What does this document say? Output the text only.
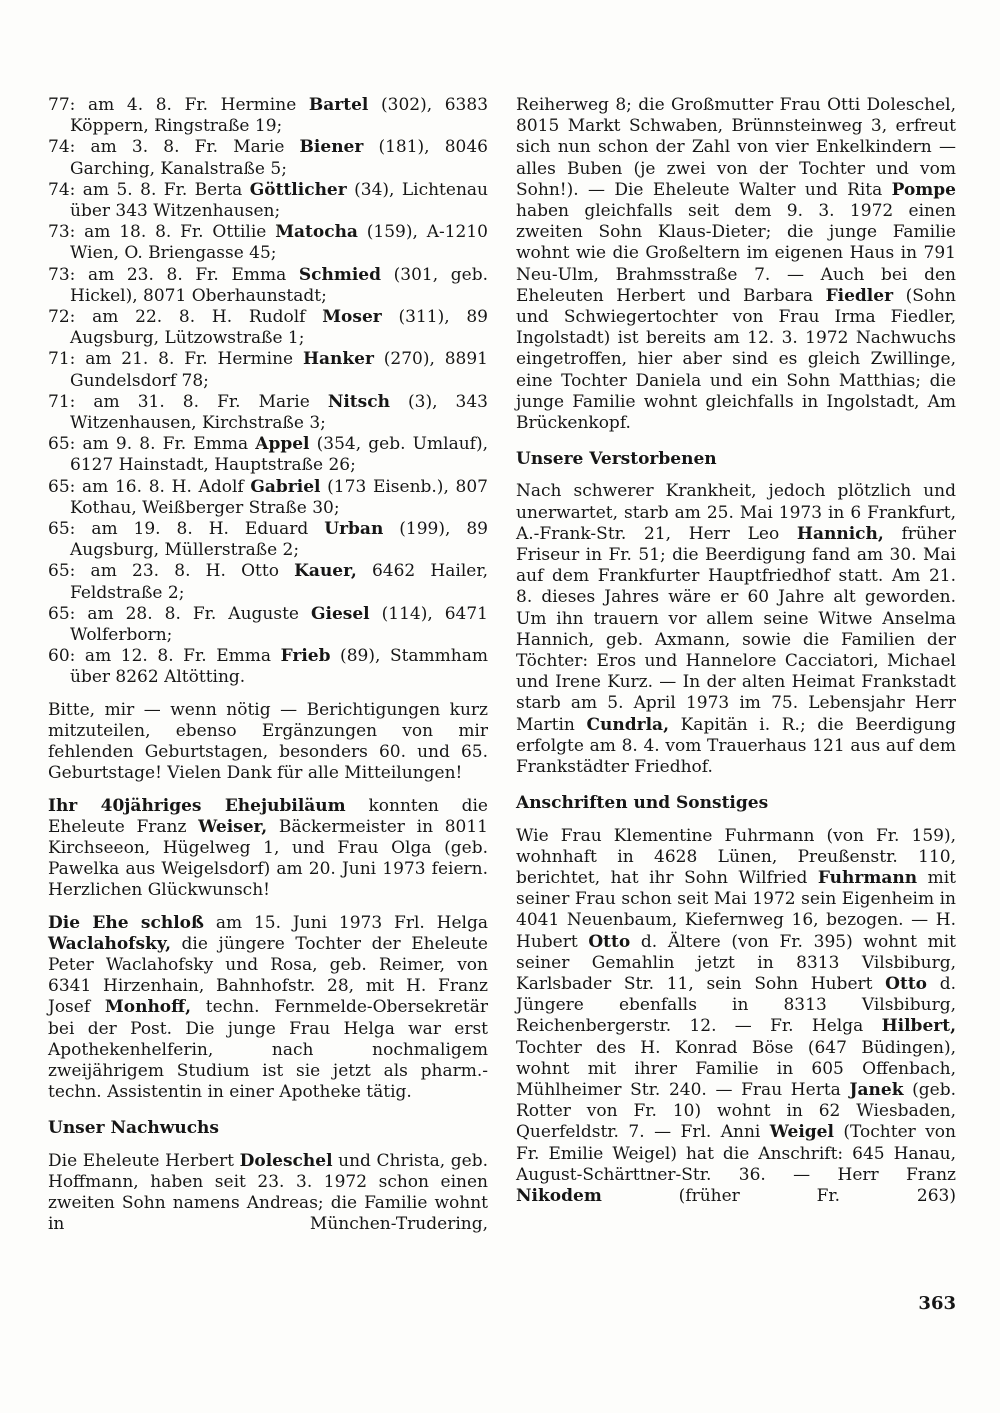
77: am 4. 8. Fr. Hermine Bartel (302), 6383 Köppern, Ringstraße 19;

74: am 3. 8. Fr. Marie Biener (181), 8046 Garching, Kanalstraße 5;

74: am 5. 8. Fr. Berta Göttlicher (34), Lichtenau über 343 Witzenhausen;

73: am 18. 8. Fr. Ottilie Matocha (159), A-1210 Wien, O. Briengasse 45;

73: am 23. 8. Fr. Emma Schmied (301, geb. Hickel), 8071 Oberhaunstadt;

72: am 22. 8. H. Rudolf Moser (311), 89 Augsburg, Lützowstraße 1;

71: am 21. 8. Fr. Hermine Hanker (270), 8891 Gundelsdorf 78;

71: am 31. 8. Fr. Marie Nitsch (3), 343 Witzenhausen, Kirchstraße 3;

65: am 9. 8. Fr. Emma Appel (354, geb. Umlauf), 6127 Hainstadt, Hauptstraße 26;

65: am 16. 8. H. Adolf Gabriel (173 Eisenb.), 807 Kothau, Weißberger Straße 30;

65: am 19. 8. H. Eduard Urban (199), 89 Augsburg, Müllerstraße 2;

65: am 23. 8. H. Otto Kauer, 6462 Hailer, Feldstraße 2;

65: am 28. 8. Fr. Auguste Giesel (114), 6471 Wolferborn;

60: am 12. 8. Fr. Emma Frieb (89), Stammham über 8262 Altötting.

Bitte, mir — wenn nötig — Berichtigungen kurz mitzuteilen, ebenso Ergänzungen von mir fehlenden Geburtstagen, besonders 60. und 65. Geburtstage! Vielen Dank für alle Mitteilungen!

Ihr 40jähriges Ehejubiläum konnten die Eheleute Franz Weiser, Bäckermeister in 8011 Kirchseeon, Hügelweg 1, und Frau Olga (geb. Pawelka aus Weigelsdorf) am 20. Juni 1973 feiern. Herzlichen Glückwunsch!

Die Ehe schloß am 15. Juni 1973 Frl. Helga Waclahofsky, die jüngere Tochter der Eheleute Peter Waclahofsky und Rosa, geb. Reimer, von 6341 Hirzenhain, Bahnhofstr. 28, mit H. Franz Josef Monhoff, techn. Fernmelde-Obersekretär bei der Post. Die junge Frau Helga war erst Apothekenhelferin, nach nochmaligem zweijährigem Studium ist sie jetzt als pharm.-techn. Assistentin in einer Apotheke tätig.

Unser Nachwuchs

Die Eheleute Herbert Doleschel und Christa, geb. Hoffmann, haben seit 23. 3. 1972 schon einen zweiten Sohn namens Andreas; die Familie wohnt in München-Trudering,

Reiherweg 8; die Großmutter Frau Otti Doleschel, 8015 Markt Schwaben, Brünnsteinweg 3, erfreut sich nun schon der Zahl von vier Enkelkindern — alles Buben (je zwei von der Tochter und vom Sohn!). — Die Eheleute Walter und Rita Pompe haben gleichfalls seit dem 9. 3. 1972 einen zweiten Sohn Klaus-Dieter; die junge Familie wohnt wie die Großeltern im eigenen Haus in 791 Neu-Ulm, Brahmsstraße 7. — Auch bei den Eheleuten Herbert und Barbara Fiedler (Sohn und Schwiegertochter von Frau Irma Fiedler, Ingolstadt) ist bereits am 12. 3. 1972 Nachwuchs eingetroffen, hier aber sind es gleich Zwillinge, eine Tochter Daniela und ein Sohn Matthias; die junge Familie wohnt gleichfalls in Ingolstadt, Am Brückenkopf.

Unsere Verstorbenen

Nach schwerer Krankheit, jedoch plötzlich und unerwartet, starb am 25. Mai 1973 in 6 Frankfurt, A.-Frank-Str. 21, Herr Leo Hannich, früher Friseur in Fr. 51; die Beerdigung fand am 30. Mai auf dem Frankfurter Hauptfriedhof statt. Am 21. 8. dieses Jahres wäre er 60 Jahre alt geworden. Um ihn trauern vor allem seine Witwe Anselma Hannich, geb. Axmann, sowie die Familien der Töchter: Eros und Hannelore Cacciatori, Michael und Irene Kurz. — In der alten Heimat Frankstadt starb am 5. April 1973 im 75. Lebensjahr Herr Martin Cundrla, Kapitän i. R.; die Beerdigung erfolgte am 8. 4. vom Trauerhaus 121 aus auf dem Frankstädter Friedhof.

Anschriften und Sonstiges

Wie Frau Klementine Fuhrmann (von Fr. 159), wohnhaft in 4628 Lünen, Preußenstr. 110, berichtet, hat ihr Sohn Wilfried Fuhrmann mit seiner Frau schon seit Mai 1972 sein Eigenheim in 4041 Neuenbaum, Kiefernweg 16, bezogen. — H. Hubert Otto d. Ältere (von Fr. 395) wohnt mit seiner Gemahlin jetzt in 8313 Vilsbiburg, Karlsbader Str. 11, sein Sohn Hubert Otto d. Jüngere ebenfalls in 8313 Vilsbiburg, Reichenbergerstr. 12. — Fr. Helga Hilbert, Tochter des H. Konrad Böse (647 Büdingen), wohnt mit ihrer Familie in 605 Offenbach, Mühlheimer Str. 240. — Frau Herta Janek (geb. Rotter von Fr. 10) wohnt in 62 Wiesbaden, Querfeldstr. 7. — Frl. Anni Weigel (Tochter von Fr. Emilie Weigel) hat die Anschrift: 645 Hanau, August-Schärttner-Str. 36. — Herr Franz Nikodem (früher Fr. 263)

363
